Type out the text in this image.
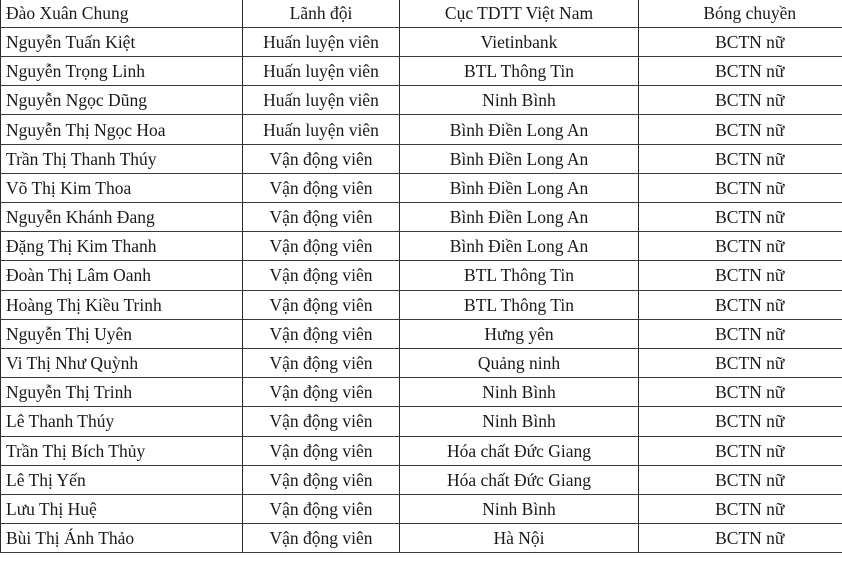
Đào Xuân Chung	Lãnh đội	Cục TDTT Việt Nam	Bóng chuyền
Nguyễn Tuấn Kiệt	Huấn luyện viên	Vietinbank	BCTN nữ
Nguyễn Trọng Linh	Huấn luyện viên	BTL Thông Tin	BCTN nữ
Nguyễn Ngọc Dũng	Huấn luyện viên	Ninh Bình	BCTN nữ
Nguyễn Thị Ngọc Hoa	Huấn luyện viên	Bình Điền Long An	BCTN nữ
Trần Thị Thanh Thúy	Vận động viên	Bình Điền Long An	BCTN nữ
Võ Thị Kim Thoa	Vận động viên	Bình Điền Long An	BCTN nữ
Nguyễn Khánh Đang	Vận động viên	Bình Điền Long An	BCTN nữ
Đặng Thị Kim Thanh	Vận động viên	Bình Điền Long An	BCTN nữ
Đoàn Thị Lâm Oanh	Vận động viên	BTL Thông Tin	BCTN nữ
Hoàng Thị Kiều Trinh	Vận động viên	BTL Thông Tin	BCTN nữ
Nguyễn Thị Uyên	Vận động viên	Hưng yên	BCTN nữ
Vi Thị Như Quỳnh	Vận động viên	Quảng ninh	BCTN nữ
Nguyễn Thị Trinh	Vận động viên	Ninh Bình	BCTN nữ
Lê Thanh Thúy	Vận động viên	Ninh Bình	BCTN nữ
Trần Thị Bích Thủy	Vận động viên	Hóa chất Đức Giang	BCTN nữ
Lê Thị Yến	Vận động viên	Hóa chất Đức Giang	BCTN nữ
Lưu Thị Huệ	Vận động viên	Ninh Bình	BCTN nữ
Bùi Thị Ánh Thảo	Vận động viên	Hà Nội	BCTN nữ
